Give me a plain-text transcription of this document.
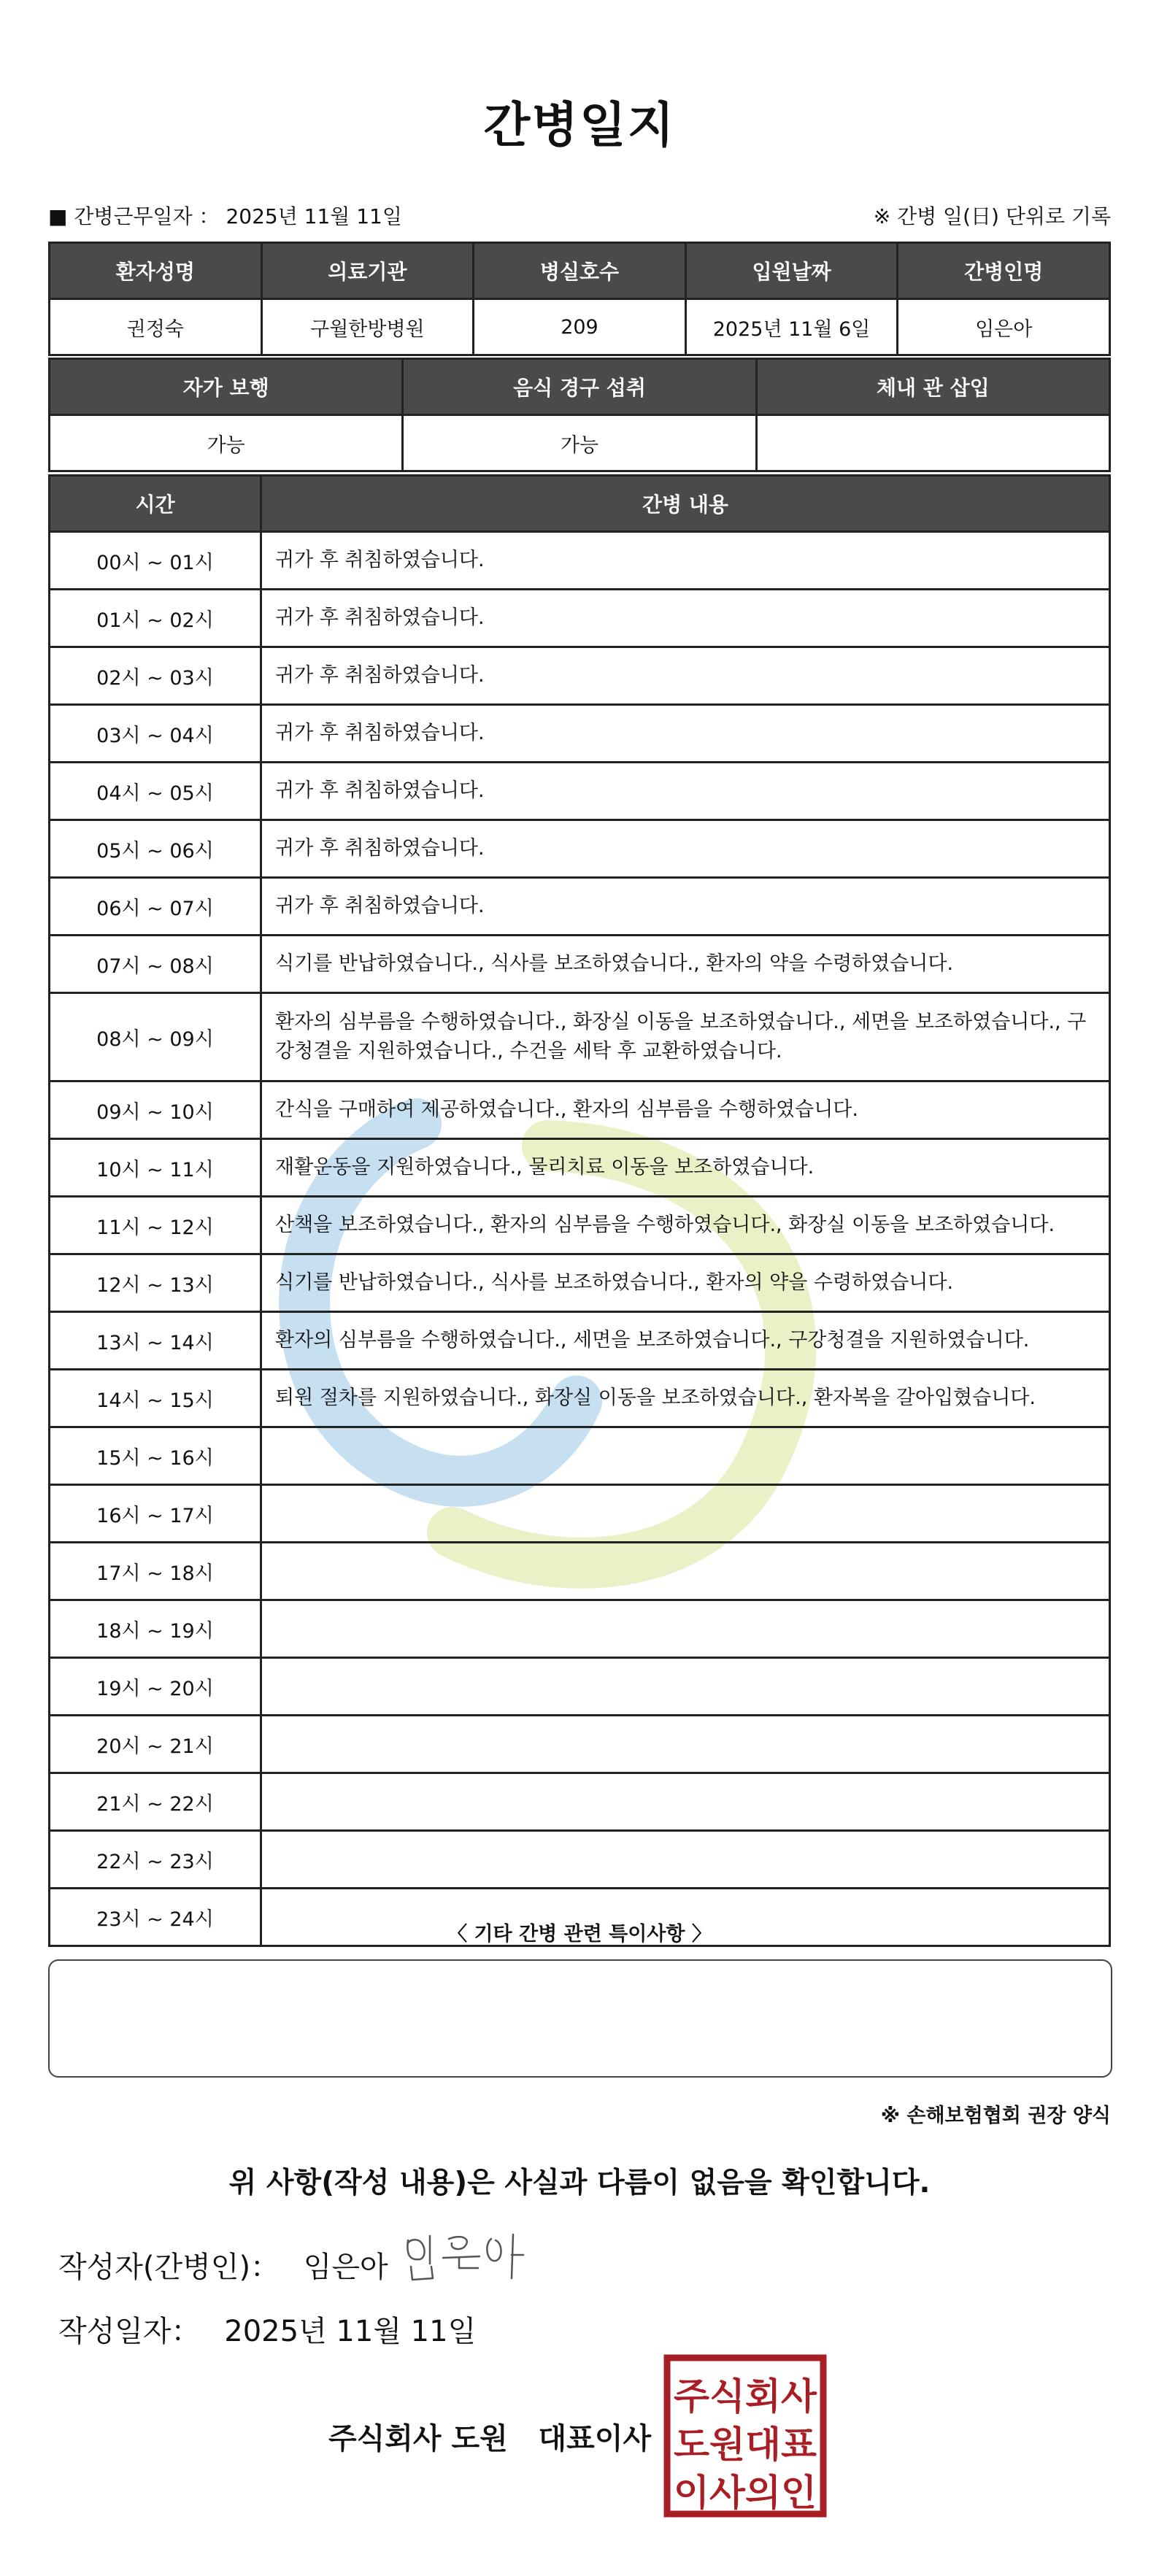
간병일지
■ 간병근무일자 ： 2025년 11월 11일	※ 간병 일(日) 단위로 기록
환자성명	의료기관	병실호수	입원날짜	간병인명
권정숙	구월한방병원	209	2025년 11월 6일	임은아
자가 보행	음식 경구 섭취	체내 관 삽입
가능	가능	
시간	간병 내용
00시 ~ 01시	귀가 후 취침하였습니다.
01시 ~ 02시	귀가 후 취침하였습니다.
02시 ~ 03시	귀가 후 취침하였습니다.
03시 ~ 04시	귀가 후 취침하였습니다.
04시 ~ 05시	귀가 후 취침하였습니다.
05시 ~ 06시	귀가 후 취침하였습니다.
06시 ~ 07시	귀가 후 취침하였습니다.
07시 ~ 08시	식기를 반납하였습니다., 식사를 보조하였습니다., 환자의 약을 수령하였습니다.
08시 ~ 09시	환자의 심부름을 수행하였습니다., 화장실 이동을 보조하였습니다., 세면을 보조하였습니다., 구강청결을 지원하였습니다., 수건을 세탁 후 교환하였습니다.
09시 ~ 10시	간식을 구매하여 제공하였습니다., 환자의 심부름을 수행하였습니다.
10시 ~ 11시	재활운동을 지원하였습니다., 물리치료 이동을 보조하였습니다.
11시 ~ 12시	산책을 보조하였습니다., 환자의 심부름을 수행하였습니다., 화장실 이동을 보조하였습니다.
12시 ~ 13시	식기를 반납하였습니다., 식사를 보조하였습니다., 환자의 약을 수령하였습니다.
13시 ~ 14시	환자의 심부름을 수행하였습니다., 세면을 보조하였습니다., 구강청결을 지원하였습니다.
14시 ~ 15시	퇴원 절차를 지원하였습니다., 화장실 이동을 보조하였습니다., 환자복을 갈아입혔습니다.
15시 ~ 16시	
16시 ~ 17시	
17시 ~ 18시	
18시 ~ 19시	
19시 ~ 20시	
20시 ~ 21시	
21시 ~ 22시	
22시 ~ 23시	
23시 ~ 24시	
〈 기타 간병 관련 특이사항 〉
※ 손해보험협회 권장 양식
위 사항(작성 내용)은 사실과 다름이 없음을 확인합니다.
작성자(간병인)： 임은아
작성일자： 2025년 11월 11일
주식회사 도원   대표이사
주식회사
도원대표
이사의인
